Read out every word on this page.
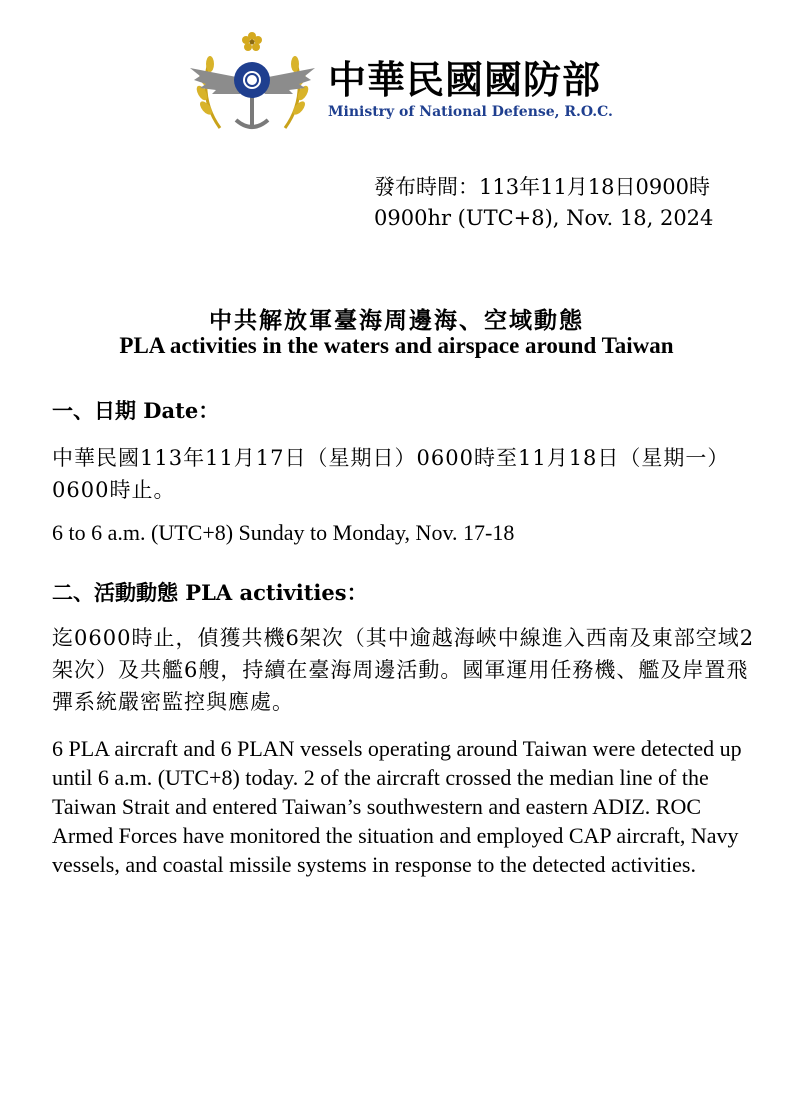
中華民國國防部
Ministry of National Defense, R.O.C.
發布時間：113年11月18日0900時
0900hr (UTC+8), Nov. 18, 2024
中共解放軍臺海周邊海、空域動態
PLA activities in the waters and airspace around Taiwan
一、日期 Date：
中華民國113年11月17日（星期日）0600時至11月18日（星期一）0600時止。
6 to 6 a.m. (UTC+8) Sunday to Monday, Nov. 17-18
二、活動動態 PLA activities：
迄0600時止，偵獲共機6架次（其中逾越海峽中線進入西南及東部空域2架次）及共艦6艘，持續在臺海周邊活動。國軍運用任務機、艦及岸置飛彈系統嚴密監控與應處。
6 PLA aircraft and 6 PLAN vessels operating around Taiwan were detected up until 6 a.m. (UTC+8) today. 2 of the aircraft crossed the median line of the Taiwan Strait and entered Taiwan’s southwestern and eastern ADIZ. ROC Armed Forces have monitored the situation and employed CAP aircraft, Navy vessels, and coastal missile systems in response to the detected activities.
